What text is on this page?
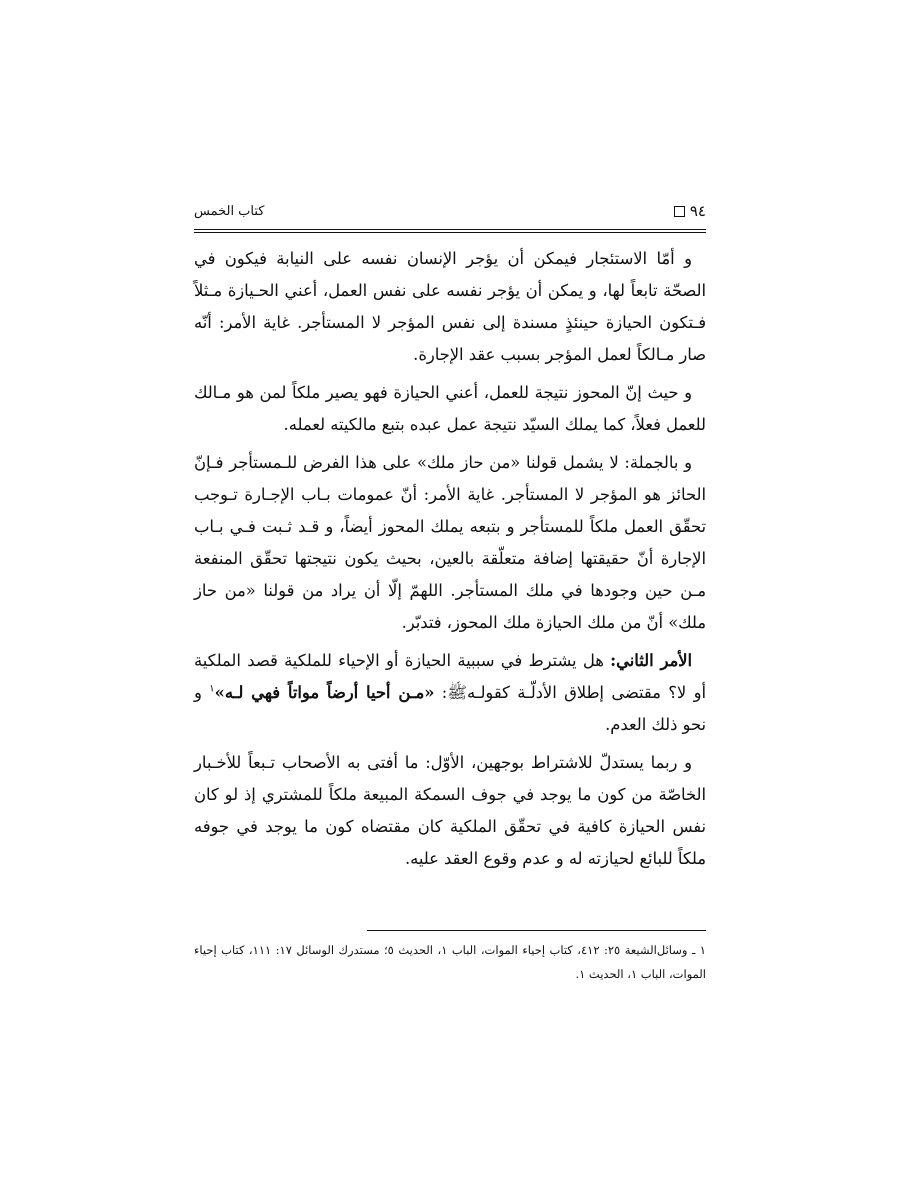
كتاب الخمس	٩٤

و أمّا الاستئجار فيمكن أن يؤجر الإنسان نفسه على النيابة فيكون في الصحّة تابعاً لها، و يمكن أن يؤجر نفسه على نفس العمل، أعني الحـيازة مـثلاً فـتكون الحيازة حينئذٍ مسندة إلى نفس المؤجر لا المستأجر. غاية الأمر: أنّه صار مـالكاً لعمل المؤجر بسبب عقد الإجارة.

و حيث إنّ المحوز نتيجة للعمل، أعني الحيازة فهو يصير ملكاً لمن هو مـالك للعمل فعلاً، كما يملك السيّد نتيجة عمل عبده بتبع مالكيته لعمله.

و بالجملة: لا يشمل قولنا «من حاز ملك» على هذا الفرض للـمستأجر فـإنّ الحائز هو المؤجر لا المستأجر. غاية الأمر: أنّ عمومات بـاب الإجـارة تـوجب تحقّق العمل ملكاً للمستأجر و بتبعه يملك المحوز أيضاً، و قـد ثـبت فـي بـاب الإجارة أنّ حقيقتها إضافة متعلّقة بالعين، بحيث يكون نتيجتها تحقّق المنفعة مـن حين وجودها في ملك المستأجر. اللهمّ إلّا أن يراد من قولنا «من حاز ملك» أنّ من ملك الحيازة ملك المحوز، فتدبّر.

الأمر الثاني: هل يشترط في سببية الحيازة أو الإحياء للملكية قصد الملكية أو لا؟ مقتضى إطلاق الأدلّـة كقولـهﷺ: «مـن أحيا أرضاً مواتاً فهي لـه»$^١$ و نحو ذلك العدم.

و ربما يستدلّ للاشتراط بوجهين، الأوّل: ما أفتى به الأصحاب تـبعاً للأخـبار الخاصّة من كون ما يوجد في جوف السمكة المبيعة ملكاً للمشتري إذ لو كان نفس الحيازة كافية في تحقّق الملكية كان مقتضاه كون ما يوجد في جوفه ملكاً للبائع لحيازته له و عدم وقوع العقد عليه.

١ ـ وسائل‌الشيعة ٢٥: ٤١٢، كتاب إحياء الموات، الباب ١، الحديث ٥؛ مستدرك الوسائل ١٧: ١١١، كتاب إحياء الموات، الباب ١، الحديث ١.
